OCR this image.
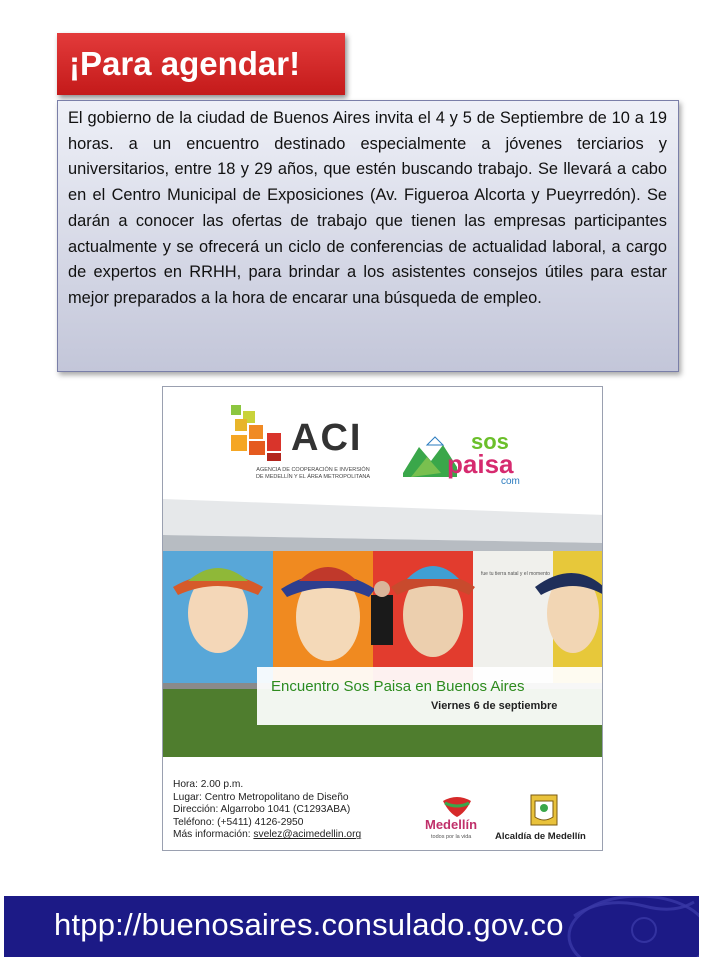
¡Para agendar!
El gobierno de la ciudad de Buenos Aires invita el 4 y 5 de Septiembre de 10 a 19 horas. a un encuentro destinado especialmente a jóvenes terciarios y universitarios, entre 18 y 29 años, que estén buscando trabajo. Se llevará a cabo en el Centro Municipal de Exposiciones (Av. Figueroa Alcorta y Pueyrredón). Se darán a conocer las ofertas de trabajo que tienen las empresas participantes actualmente y se ofrecerá un ciclo de conferencias de actualidad laboral, a cargo de expertos en RRHH, para brindar a los asistentes consejos útiles para estar mejor preparados a la hora de encarar una búsqueda de empleo.
ACI
AGENCIA DE COOPERACIÓN E INVERSIÓN
DE MEDELLÍN Y EL ÁREA METROPOLITANA
sos
paisa
com
fue tu tierra natal y el momento
Encuentro Sos Paisa en Buenos Aires
Viernes 6 de septiembre
Hora: 2.00 p.m.
Lugar: Centro Metropolitano de Diseño
Dirección: Algarrobo 1041 (C1293ABA)
Teléfono: (+5411) 4126-2950
Más información: svelez@acimedellin.org
Medellín
todos por la vida Alcaldía de Medellín
htpp://buenosaires.consulado.gov.co
